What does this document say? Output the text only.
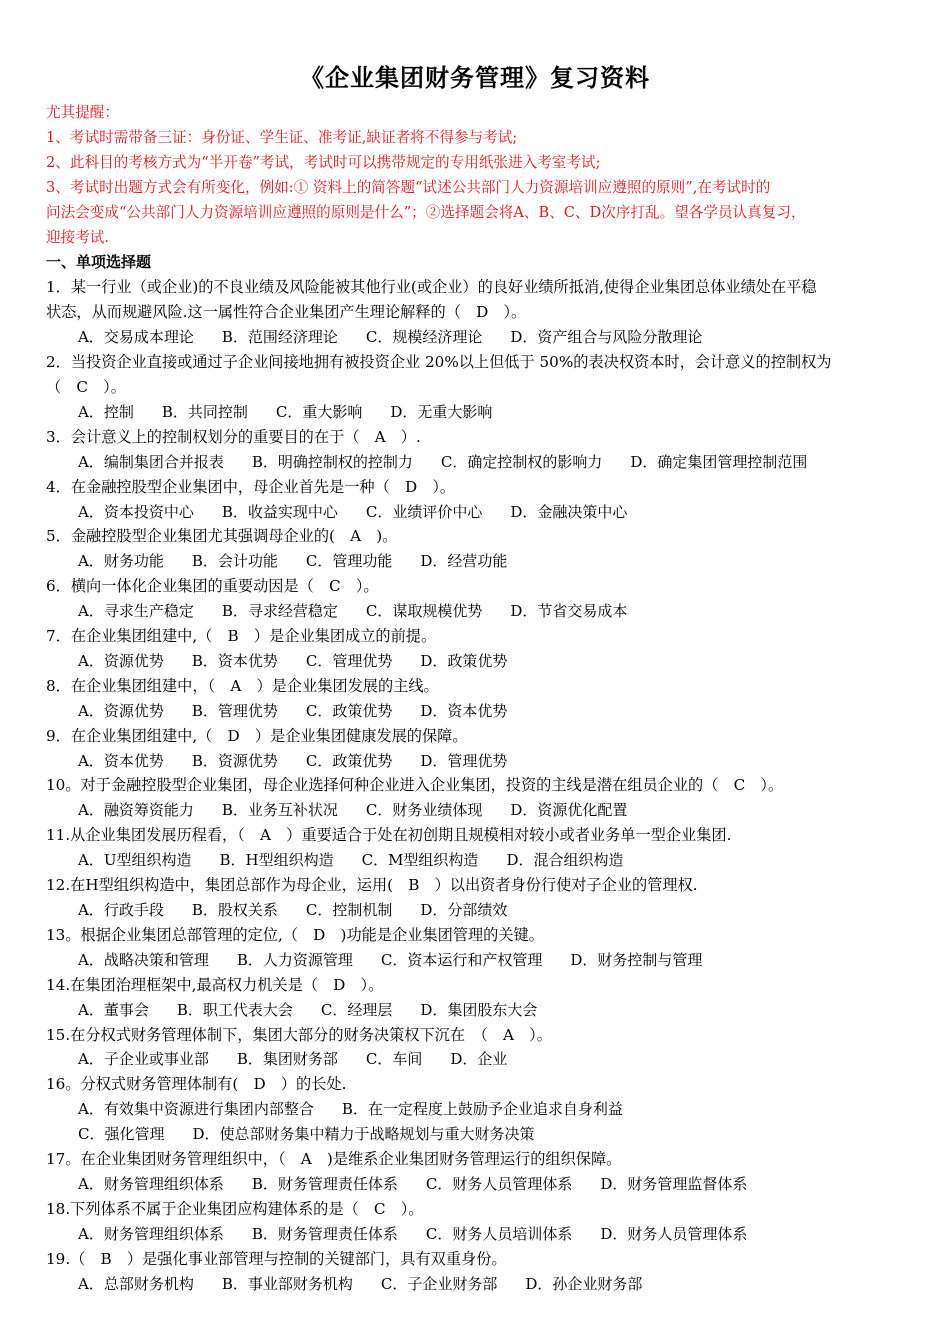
《企业集团财务管理》复习资料
尤其提醒：
1、考试时需带备三证：身份证、学生证、准考证,缺证者将不得参与考试;
2、此科目的考核方式为“半开卷”考试，考试时可以携带规定的专用纸张进入考室考试;
3、考试时出题方式会有所变化，例如:① 资料上的简答题“试述公共部门人力资源培训应遵照的原则”,在考试时的
问法会变成“公共部门人力资源培训应遵照的原则是什么”；②选择题会将A、B、C、D次序打乱。望各学员认真复习，
迎接考试.
一、单项选择题
1．某一行业（或企业)的不良业绩及风险能被其他行业(或企业）的良好业绩所抵消,使得企业集团总体业绩处在平稳
状态，从而规避风险.这一属性符合企业集团产生理论解释的（　D　）。
A．交易成本理论 B．范围经济理论 C．规模经济理论 D．资产组合与风险分散理论
2．当投资企业直接或通过子企业间接地拥有被投资企业 20%以上但低于 50%的表决权资本时，会计意义的控制权为
（　C　）。
A．控制 B．共同控制 C．重大影响 D．无重大影响
3．会计意义上的控制权划分的重要目的在于（　A　）.
A．编制集团合并报表 B．明确控制权的控制力 C．确定控制权的影响力 D．确定集团管理控制范围
4．在金融控股型企业集团中，母企业首先是一种（　D　）。
A．资本投资中心 B．收益实现中心 C．业绩评价中心 D．金融决策中心
5．金融控股型企业集团尤其强调母企业的(　A　)。
A．财务功能 B．会计功能 C．管理功能 D．经营功能
6．横向一体化企业集团的重要动因是（　C　）。
A．寻求生产稳定 B．寻求经营稳定 C．谋取规模优势 D．节省交易成本
7．在企业集团组建中,（　B　）是企业集团成立的前提。
A．资源优势 B．资本优势 C．管理优势 D．政策优势
8．在企业集团组建中，（　A　）是企业集团发展的主线。
A．资源优势 B．管理优势 C．政策优势 D．资本优势
9．在企业集团组建中,（　D　）是企业集团健康发展的保障。
A．资本优势 B．资源优势 C．政策优势 D．管理优势
10。对于金融控股型企业集团，母企业选择何种企业进入企业集团，投资的主线是潜在组员企业的（　C　）。
A．融资筹资能力 B．业务互补状况 C．财务业绩体现 D．资源优化配置
11.从企业集团发展历程看，（　A　）重要适合于处在初创期且规模相对较小或者业务单一型企业集团.
A．U型组织构造 B．H型组织构造 C．M型组织构造 D．混合组织构造
12.在H型组织构造中，集团总部作为母企业，运用(　B　）以出资者身份行使对子企业的管理权.
A．行政手段 B．股权关系 C．控制机制 D．分部绩效
13。根据企业集团总部管理的定位,（　D　)功能是企业集团管理的关键。
A．战略决策和管理 B．人力资源管理 C．资本运行和产权管理 D．财务控制与管理
14.在集团治理框架中,最高权力机关是（　D　）。
A．董事会 B．职工代表大会 C．经理层 D．集团股东大会
15.在分权式财务管理体制下，集团大部分的财务决策权下沉在　（　A　）。
A．子企业或事业部 B．集团财务部 C．车间 D．企业
16。分权式财务管理体制有(　D　）的长处.
A．有效集中资源进行集团内部整合 B．在一定程度上鼓励予企业追求自身利益
C．强化管理 D．使总部财务集中精力于战略规划与重大财务决策
17。在企业集团财务管理组织中，（　A　)是维系企业集团财务管理运行的组织保障。
A．财务管理组织体系 B．财务管理责任体系 C．财务人员管理体系 D．财务管理监督体系
18.下列体系不属于企业集团应构建体系的是（　C　）。
A．财务管理组织体系 B．财务管理责任体系 C．财务人员培训体系 D．财务人员管理体系
19.（　B　）是强化事业部管理与控制的关键部门，具有双重身份。
A．总部财务机构 B．事业部财务机构 C．子企业财务部 D．孙企业财务部
